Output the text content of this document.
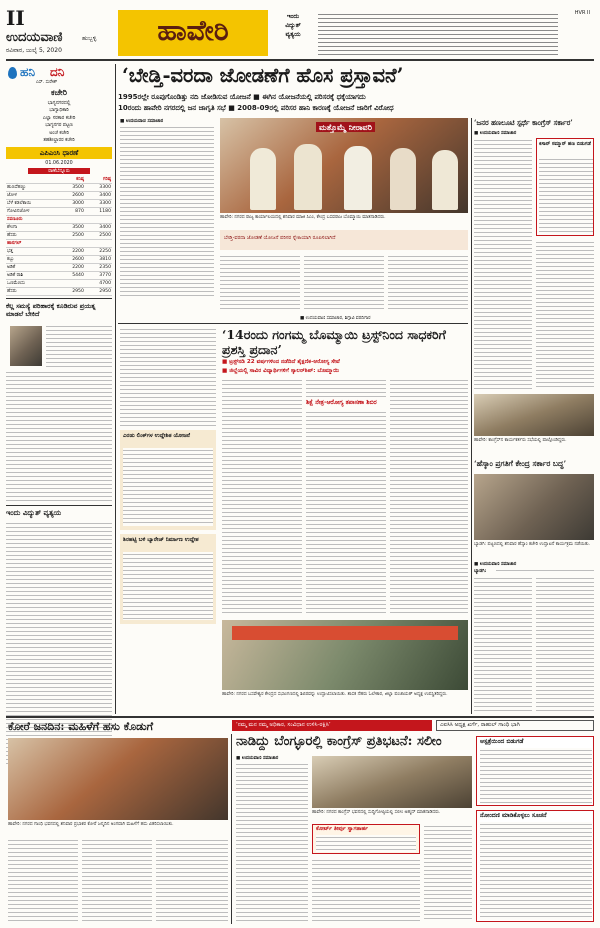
II
ಉದಯವಾಣಿ	ಹುಬ್ಬಳ್ಳಿ
ರವಿವಾರ, ಜುಲೈ 5, 2020
ಹಾವೇರಿ	ಇಂದು
ವಿದ್ಯುತ್
ವ್ಯತ್ಯಯ
HVR II
ಹನಿ ದನಿ
ಎಸ್. ಸುರೇಶ್
ಕಚೇರಿ
ಭಾಗ್ಯನಗರದಲ್ಲಿ
ಭಾಗ್ಯಾಧಿಕಾರಿ
ಎಲ್ಲಾ ಸರಕಾರ ಕಚೇರಿ
ಭಾಗ್ಯನಗರ ಪಟ್ಟಣ
ಅಂಚೆ ಕಚೇರಿ
ತಹಶೀಲ್ದಾರರ ಕಚೇರಿ
ಎಪಿಎಂಸಿ ಧಾರಣೆ
01.06.2020
ರಾಣೆಬೆನ್ನೂರು
	ಕನಿಷ್ಠ	ಗರಿಷ್ಠ
ಹುಣಸೆಹಣ್ಣು	3500	3300
ಜೋಳ	2600	3400
ಬೆಳೆ ಕಡಲೆಕಾಯಿ	3000	3300
ಗೋವಿನಜೋಳ	870	1180
ಸವಣೂರು		
ಶೇಂಗಾ	3500	3400
ಹೆಸರು	2500	2500
ಹಾನಗಲ್		
ಭತ್ತ	2200	2250
ಕಬ್ಬು	2600	3810
ಅಡಿಕೆ	2200	2350
ಅಡಿಕೆ ರಾಶಿ	5440	3770
ಒಣಮೆಣಸು		4700
ಹೆಸರು	2950	2950
ಕೆಲ್ಲ ಸಮಸ್ಯೆ ಪರಿಹಾರಕ್ಕೆ ಕೂಡಿರುವ ಪ್ರಯತ್ನ ಮಾಡಲೆ ಬೇಕಿದೆ
ಇಂದು ವಿದ್ಯುತ್ ವ್ಯತ್ಯಯ
‘ಬೇಡ್ತಿ-ವರದಾ ಜೋಡಣೆಗೆ ಹೊಸ ಪ್ರಸ್ತಾವನೆ’
1995ರಲ್ಲೇ ರೂಪುಗೊಂಡಿತ್ತು ನದಿ ಜೋಡಿಸುವ ಯೋಜನೆ ■ ಈಗಿನ ಯೋಜನೆಯಲ್ಲಿ ಪರಿಸರಕ್ಕೆ ಧಕ್ಕೆಯಾಗದು
10ರಂದು ಹಾವೇರಿ ನಗರದಲ್ಲಿ ಜನ ಜಾಗೃತಿ ಸಭೆ ■ 2008-09ರಲ್ಲಿ ಪರಿಸರ ಹಾನಿ ಕಾರಣಕ್ಕೆ ಯೋಜನೆ ಜಾರಿಗೆ ವಿರೋಧ
■ ಉದಯವಾಣಿ ಸಮಾಚಾರ
ಮತ್ತೊಮ್ಮೆ ನೀರಾವರಿ
ಹಾವೇರಿ: ನಗರದ ರಾಜ್ಯ ಕಾರ್ಯಾಲಯದಲ್ಲಿ ಶನಿವಾರ ಮಾಜಿ ಸಿಎಂ, ಕೇಂದ್ರ ಬಸವರಾಜ ಬೊಮ್ಮಾಯಿ ಮಾತನಾಡಿದರು.
ಬೇಡ್ತಿ-ವರದಾ ಜೋಡಣೆ ಯೋಜನೆ ಪರಿಸರ ಸ್ನೇಹಿಯಾಗಿ ರೂಪಿಸಲಾಗಿದೆ
■ ಉದಯವಾಣಿ ಸಮಾಚಾರ, ಶಿಗ್ಗಾವಿ ವರದಿಗಾರ
‘ಜನರ ಹಣಲೂಟಿ ಸ್ಪರ್ಧೆ ಕಾಂಗ್ರೆಸ್ ಸರ್ಕಾರ’
■ ಉದಯವಾಣಿ ಸಮಾಚಾರ
ಕಿಸಾನ್ ಸಮ್ಮಾನ್ ಹಣ ಬಿಡುಗಡೆ
ಹಾವೇರಿ: ಕಾಂಗ್ರೆಸ್‌ನ ಕಾರ್ಯಕರ್ತರು ಸಭೆಯಲ್ಲಿ ಪಾಲ್ಗೊಂಡಿದ್ದರು.
‘14ರಂದು ಗಂಗಮ್ಮ ಬೊಮ್ಮಾಯಿ ಟ್ರಸ್ಟ್‌ನಿಂದ ಸಾಧಕರಿಗೆ ಪ್ರಶಸ್ತಿ ಪ್ರದಾನ’
■ ಟ್ರಸ್ಟ್‌ನಡಿ 22 ವರ್ಷಗಳಿಂದ ನಡೆದಿದೆ ಶೈಕ್ಷಣಿಕ-ಆರೋಗ್ಯ ಸೇವೆ
■ ಜಿಲ್ಲೆಯಲ್ಲಿ ಸಾವಿರ ವಿದ್ಯಾರ್ಥಿಗಳಿಗೆ ಸ್ಕಾಲರ್‌ಶಿಪ್: ಬೊಮ್ಮಾಯಿ
ಎರಡು ಲಿಂಕ್‌ಗಳ ಉದ್ದೇಶಿತ ಯೋಜನೆ
ಶಿರಹಟ್ಟಿ ಬಳಿ ಬ್ಯಾರೇಜ್ ನಿರ್ಮಾಣ ಉದ್ದೇಶ
ಶಿಕ್ಷೆ ನೇತ್ರ-ಆರೋಗ್ಯ ತಪಾಸಣಾ ಶಿಬಿರ
ಹಾವೇರಿ: ನಗರದ ಬಸವೇಶ್ವರ ಕೇಂದ್ರದ ಸಭಾಂಗಣದಲ್ಲಿ ಶಿಬಿರವನ್ನು ಉದ್ಘಾಟಿಸಲಾಯಿತು. ಶಾಸಕ ನೆಹರು ಓಲೇಕಾರ, ಜಿಲ್ಲಾ ಪಂಚಾಯತ್ ಅಧ್ಯಕ್ಷ ಉಪಸ್ಥಿತರಿದ್ದರು.
‘ಹೆಸ್ಕಾಂ ಪ್ರಗತಿಗೆ ಕೇಂದ್ರ ಸರ್ಕಾರ ಬದ್ಧ’
ಬ್ಯಾಡಗಿ: ಪಟ್ಟಣದಲ್ಲಿ ಶನಿವಾರ ಹೆಸ್ಕಾಂ ಕಚೇರಿ ಉದ್ಘಾಟನೆ ಕಾರ್ಯಕ್ರಮ ನಡೆಯಿತು.
■ ಉದಯವಾಣಿ ಸಮಾಚಾರ
ಬ್ಯಾಡಗಿ:
‘ನಮ್ಮ ಮನ ನಮ್ಮ ಅಧಿಕಾರ, ಸಂವಿಧಾನ ಉಳಿಸಿ-ರಕ್ಷಿಸಿ’	ಎಐಸಿಸಿ ಅಧ್ಯಕ್ಷ ಖರ್ಗೆ, ರಾಹುಲ್ ಗಾಂಧಿ ಭಾಗಿ
ಕೋರೆ ಜನದಿನ: ಮಹಿಳೆಗೆ ಹಸು ಕೊಡುಗೆ
ಹಾವೇರಿ: ನಗರದ ಗಾಂಧಿ ಭವನದಲ್ಲಿ ಶನಿವಾರ ಪ್ರಭಾಕರ ಕೋರೆ ಜನ್ಮದಿನ ಅಂಗವಾಗಿ ಮಹಿಳೆಗೆ ಹಸು ವಿತರಿಸಲಾಯಿತು.
ನಾಡಿದ್ದು ಬೆಂಗ್ಳೂರಲ್ಲಿ ಕಾಂಗ್ರೆಸ್ ಪ್ರತಿಭಟನೆ: ಸಲೀಂ
■ ಉದಯವಾಣಿ ಸಮಾಚಾರ
ಹಾವೇರಿ: ನಗರದ ಕಾಂಗ್ರೆಸ್ ಭವನದಲ್ಲಿ ಸುದ್ದಿಗೋಷ್ಠಿಯಲ್ಲಿ ಸಲೀಂ ಅಹ್ಮದ್ ಮಾತನಾಡಿದರು.
ಕೋರ್ಟ್ ತೀರ್ಪು ಸ್ವಾಗತಾರ್ಹ
ಆಸ್ಪತ್ರೆಯಿಂದ ಬಿಡುಗಡೆ
ನೋಂದಣಿ ಮಾಡಿಕೊಳ್ಳಲು ಸೂಚನೆ
